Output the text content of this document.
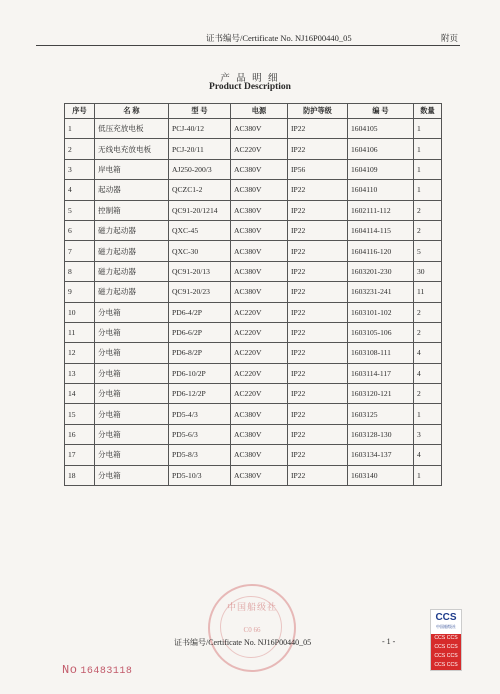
证书编号/Certificate No. NJ16P00440_05	附页
产 品 明 细
Product Description
序号	名 称	型 号	电源	防护等级	编 号	数量
1	低压充放电板	PCJ-40/12	AC380V	IP22	1604105	1
2	无线电充放电板	PCJ-20/11	AC220V	IP22	1604106	1
3	岸电箱	AJ250-200/3	AC380V	IP56	1604109	1
4	起动器	QCZC1-2	AC380V	IP22	1604110	1
5	控制箱	QC91-20/1214	AC380V	IP22	1602111-112	2
6	磁力起动器	QXC-45	AC380V	IP22	1604114-115	2
7	磁力起动器	QXC-30	AC380V	IP22	1604116-120	5
8	磁力起动器	QC91-20/13	AC380V	IP22	1603201-230	30
9	磁力起动器	QC91-20/23	AC380V	IP22	1603231-241	11
10	分电箱	PD6-4/2P	AC220V	IP22	1603101-102	2
11	分电箱	PD6-6/2P	AC220V	IP22	1603105-106	2
12	分电箱	PD6-8/2P	AC220V	IP22	1603108-111	4
13	分电箱	PD6-10/2P	AC220V	IP22	1603114-117	4
14	分电箱	PD6-12/2P	AC220V	IP22	1603120-121	2
15	分电箱	PD5-4/3	AC380V	IP22	1603125	1
16	分电箱	PD5-6/3	AC380V	IP22	1603128-130	3
17	分电箱	PD5-8/3	AC380V	IP22	1603134-137	4
18	分电箱	PD5-10/3	AC380V	IP22	1603140	1
中国船级社
C0 66
证书编号/Certificate No. NJ16P00440_05	- 1 -
No 16483118
CCS
中国船级社
CCS CCS
CCS CCS
CCS CCS
CCS CCS
